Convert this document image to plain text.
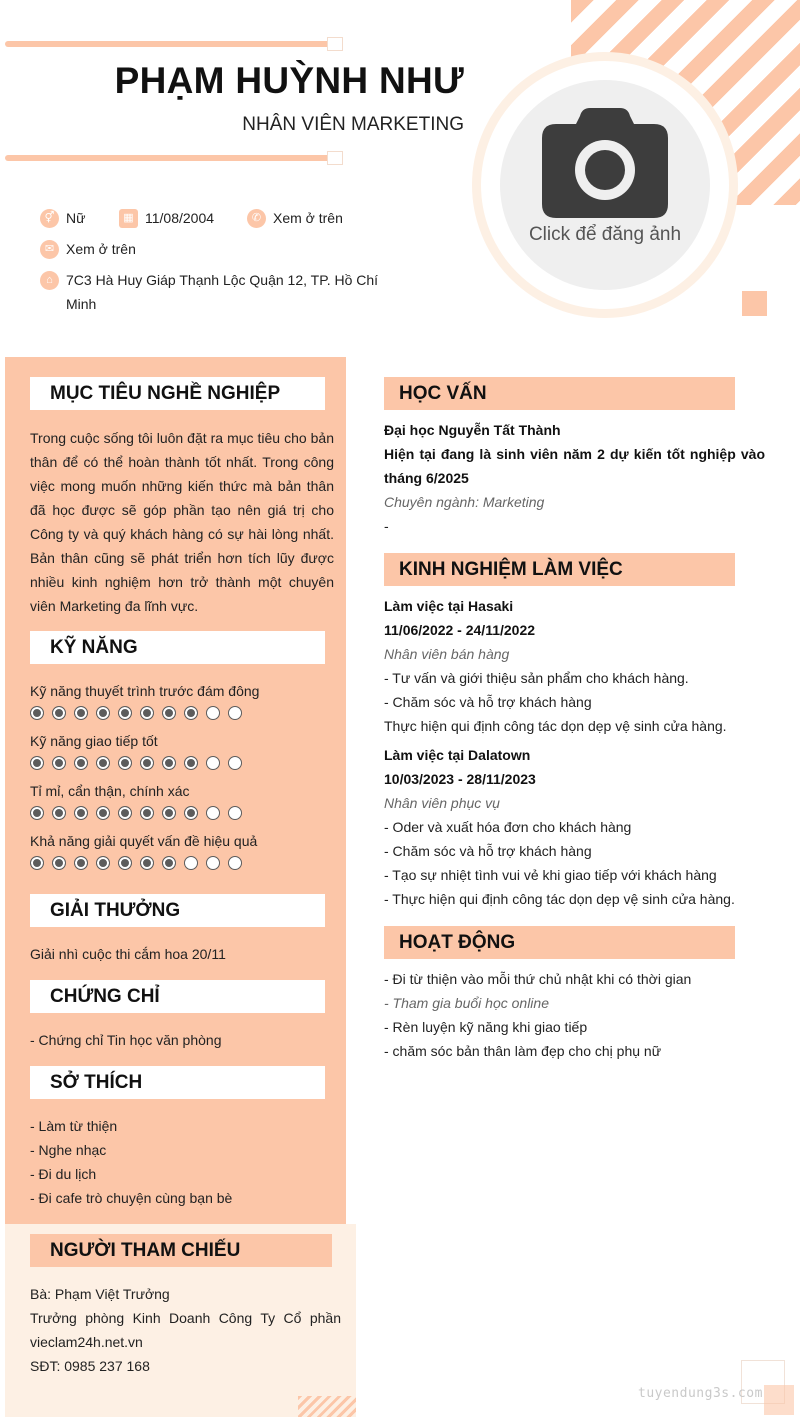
PHẠM HUỲNH NHƯ
NHÂN VIÊN MARKETING
Click để đăng ảnh
⚥ Nữ	▦ 11/08/2004	✆ Xem ở trên
✉ Xem ở trên
⌂ 7C3 Hà Huy Giáp Thạnh Lộc Quận 12, TP. Hồ Chí Minh
MỤC TIÊU NGHỀ NGHIỆP
Trong cuộc sống tôi luôn đặt ra mục tiêu cho bản thân để có thể hoàn thành tốt nhất. Trong công việc mong muốn những kiến thức mà bản thân đã học được sẽ góp phần tạo nên giá trị cho Công ty và quý khách hàng có sự hài lòng nhất. Bản thân cũng sẽ phát triển hơn tích lũy được nhiều kinh nghiệm hơn trở thành một chuyên viên Marketing đa lĩnh vực.
KỸ NĂNG
Kỹ năng thuyết trình trước đám đông
Kỹ năng giao tiếp tốt
Tỉ mỉ, cẩn thận, chính xác
Khả năng giải quyết vấn đề hiệu quả
GIẢI THƯỞNG
Giải nhì cuộc thi cắm hoa 20/11
CHỨNG CHỈ
- Chứng chỉ Tin học văn phòng
SỞ THÍCH
- Làm từ thiện
- Nghe nhạc
- Đi du lịch
- Đi cafe trò chuyện cùng bạn bè
NGƯỜI THAM CHIẾU
Bà: Phạm Việt Trưởng
Trưởng phòng Kinh Doanh Công Ty Cổ phần
vieclam24h.net.vn
SĐT: 0985 237 168
HỌC VẤN
Đại học Nguyễn Tất Thành
Hiện tại đang là sinh viên năm 2 dự kiến tốt nghiệp vào tháng 6/2025
Chuyên ngành: Marketing
-
KINH NGHIỆM LÀM VIỆC
Làm việc tại Hasaki
11/06/2022 - 24/11/2022
Nhân viên bán hàng
- Tư vấn và giới thiệu sản phẩm cho khách hàng.
- Chăm sóc và hỗ trợ khách hàng
Thực hiện qui định công tác dọn dẹp vệ sinh cửa hàng.
Làm việc tại Dalatown
10/03/2023 - 28/11/2023
Nhân viên phục vụ
- Oder và xuất hóa đơn cho khách hàng
- Chăm sóc và hỗ trợ khách hàng
- Tạo sự nhiệt tình vui vẻ khi giao tiếp với khách hàng
- Thực hiện qui định công tác dọn dẹp vệ sinh cửa hàng.
HOẠT ĐỘNG
- Đi từ thiện vào mỗi thứ chủ nhật khi có thời gian
- Tham gia buổi học online
- Rèn luyện kỹ năng khi giao tiếp
- chăm sóc bản thân làm đẹp cho chị phụ nữ
tuyendung3s.com
